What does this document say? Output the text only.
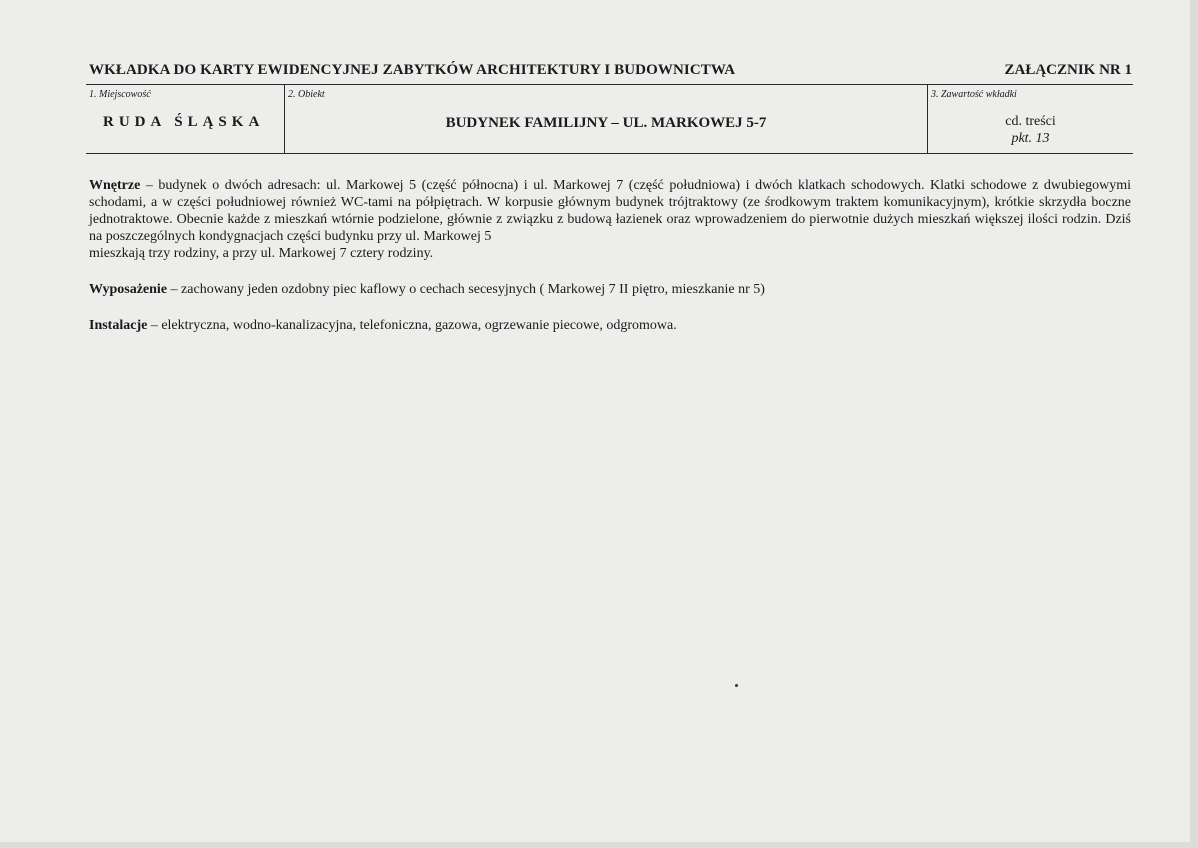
WKŁADKA DO KARTY EWIDENCYJNEJ ZABYTKÓW ARCHITEKTURY I BUDOWNICTWA	ZAŁĄCZNIK NR 1
1. Miejscowość
RUDA ŚLĄSKA
2. Obiekt
BUDYNEK FAMILIJNY – UL. MARKOWEJ 5-7
3. Zawartość wkładki
cd. treści
pkt. 13

Wnętrze – budynek o dwóch adresach: ul. Markowej 5 (część północna) i ul. Markowej 7 (część południowa) i dwóch klatkach schodowych. Klatki schodowe z dwubiegowymi schodami, a w części południowej również WC-tami na półpiętrach. W korpusie głównym budynek trójtraktowy (ze środkowym traktem komunikacyjnym), krótkie skrzydła boczne jednotraktowe. Obecnie każde z mieszkań wtórnie podzielone, głównie z związku z budową łazienek oraz wprowadzeniem do pierwotnie dużych mieszkań większej ilości rodzin. Dziś na poszczególnych kondygnacjach części budynku przy ul. Markowej 5
mieszkają trzy rodziny, a przy ul. Markowej 7 cztery rodziny.

Wyposażenie – zachowany jeden ozdobny piec kaflowy o cechach secesyjnych ( Markowej 7 II piętro, mieszkanie nr 5)

Instalacje – elektryczna, wodno-kanalizacyjna, telefoniczna, gazowa, ogrzewanie piecowe, odgromowa.
